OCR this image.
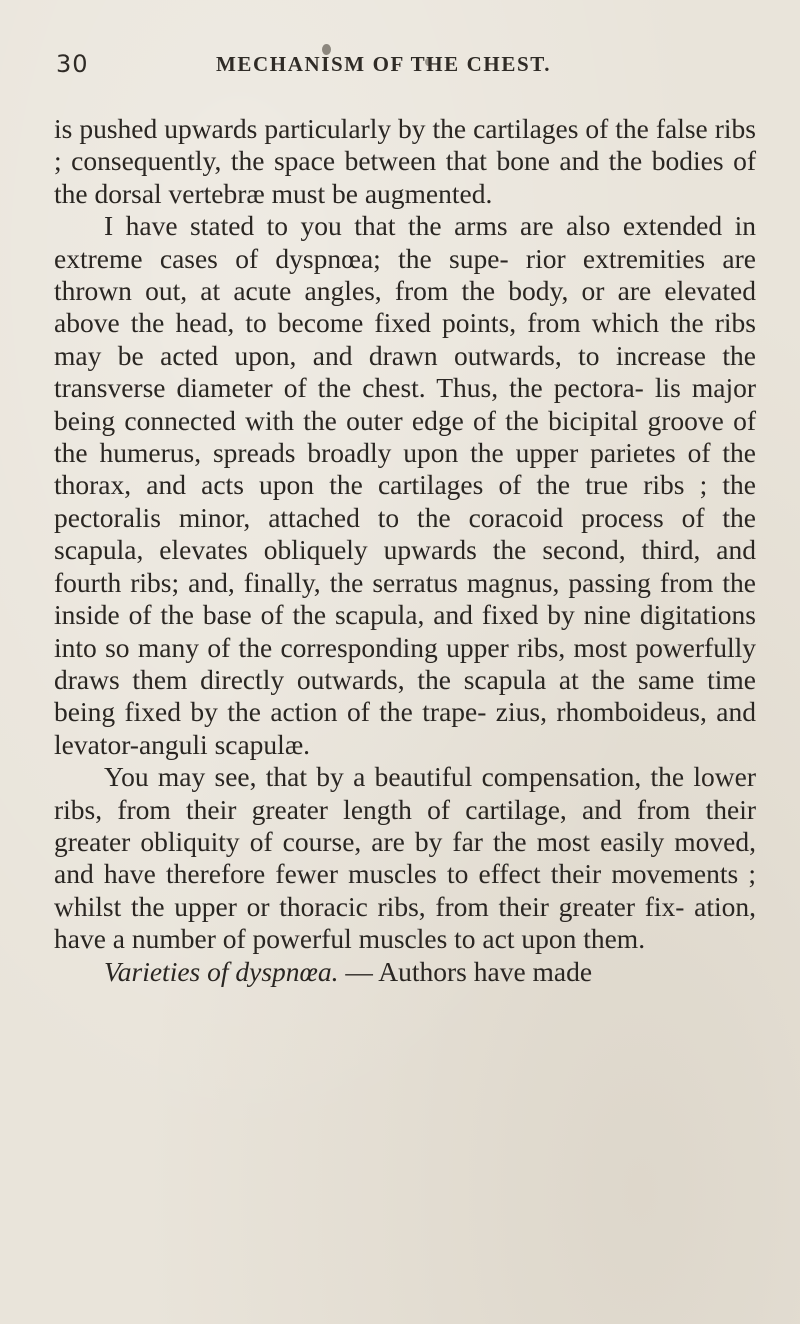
30	MECHANISM OF THE CHEST.

is pushed upwards particularly by the cartilages of the false ribs ; consequently, the space between that bone and the bodies of the dorsal vertebræ must be augmented.

I have stated to you that the arms are also extended in extreme cases of dyspnœa; the supe- rior extremities are thrown out, at acute angles, from the body, or are elevated above the head, to become fixed points, from which the ribs may be acted upon, and drawn outwards, to increase the transverse diameter of the chest. Thus, the pectora- lis major being connected with the outer edge of the bicipital groove of the humerus, spreads broadly upon the upper parietes of the thorax, and acts upon the cartilages of the true ribs ; the pectoralis minor, attached to the coracoid process of the scapula, elevates obliquely upwards the second, third, and fourth ribs; and, finally, the serratus magnus, passing from the inside of the base of the scapula, and fixed by nine digitations into so many of the corresponding upper ribs, most powerfully draws them directly outwards, the scapula at the same time being fixed by the action of the trape- zius, rhomboideus, and levator-anguli scapulæ.

You may see, that by a beautiful compensation, the lower ribs, from their greater length of cartilage, and from their greater obliquity of course, are by far the most easily moved, and have therefore fewer muscles to effect their movements ; whilst the upper or thoracic ribs, from their greater fix- ation, have a number of powerful muscles to act upon them.

Varieties of dyspnœa. — Authors have made
